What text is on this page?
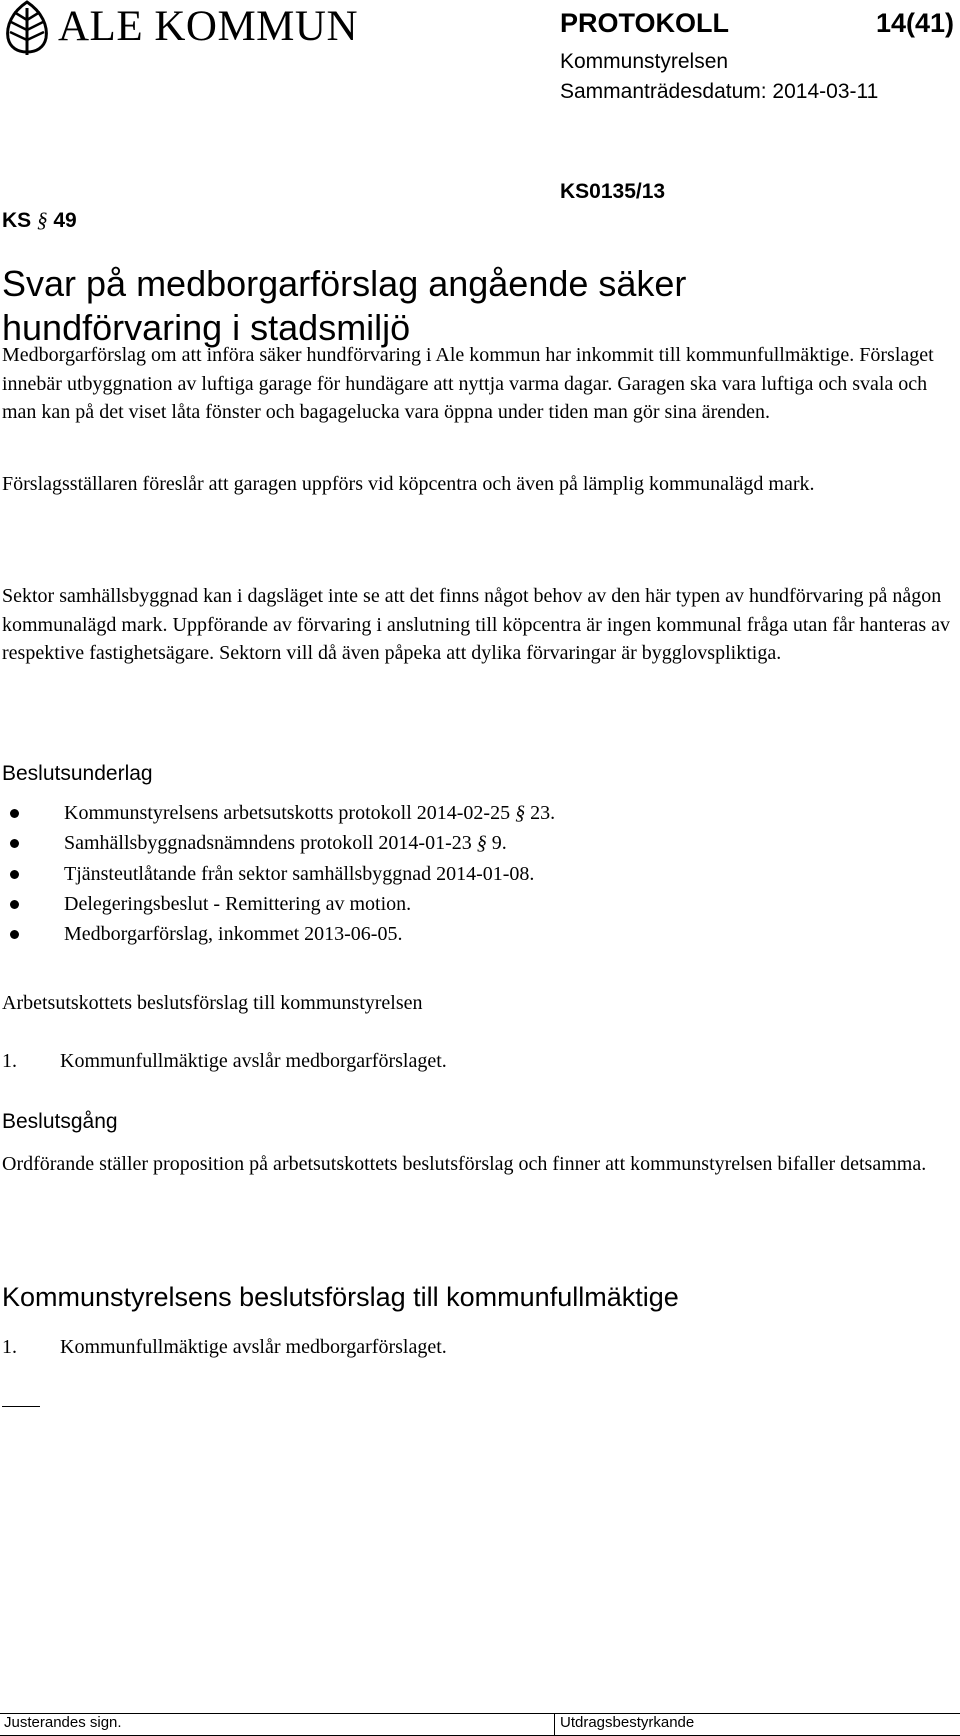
ALE KOMMUN	PROTOKOLL	14(41)
Kommunstyrelsen
Sammanträdesdatum: 2014-03-11
KS § 49
KS0135/13
Svar på medborgarförslag angående säker hundförvaring i stadsmiljö

Medborgarförslag om att införa säker hundförvaring i Ale kommun har inkommit till kommunfullmäktige. Förslaget innebär utbyggnation av luftiga garage för hundägare att nyttja varma dagar. Garagen ska vara luftiga och svala och man kan på det viset låta fönster och bagagelucka vara öppna under tiden man gör sina ärenden.

Förslagsställaren föreslår att garagen uppförs vid köpcentra och även på lämplig kommunalägd mark.

Sektor samhällsbyggnad kan i dagsläget inte se att det finns något behov av den här typen av hundförvaring på någon kommunalägd mark. Uppförande av förvaring i anslutning till köpcentra är ingen kommunal fråga utan får hanteras av respektive fastighetsägare. Sektorn vill då även påpeka att dylika förvaringar är bygglovspliktiga.

Beslutsunderlag
Kommunstyrelsens arbetsutskotts protokoll 2014-02-25 § 23.
Samhällsbyggnadsnämndens protokoll 2014-01-23 § 9.
Tjänsteutlåtande från sektor samhällsbyggnad 2014-01-08.
Delegeringsbeslut - Remittering av motion.
Medborgarförslag, inkommet 2013-06-05.
Arbetsutskottets beslutsförslag till kommunstyrelsen
1. Kommunfullmäktige avslår medborgarförslaget.
Beslutsgång

Ordförande ställer proposition på arbetsutskottets beslutsförslag och finner att kommunstyrelsen bifaller detsamma.

Kommunstyrelsens beslutsförslag till kommunfullmäktige
1. Kommunfullmäktige avslår medborgarförslaget.
Justerandes sign.	Utdragsbestyrkande
